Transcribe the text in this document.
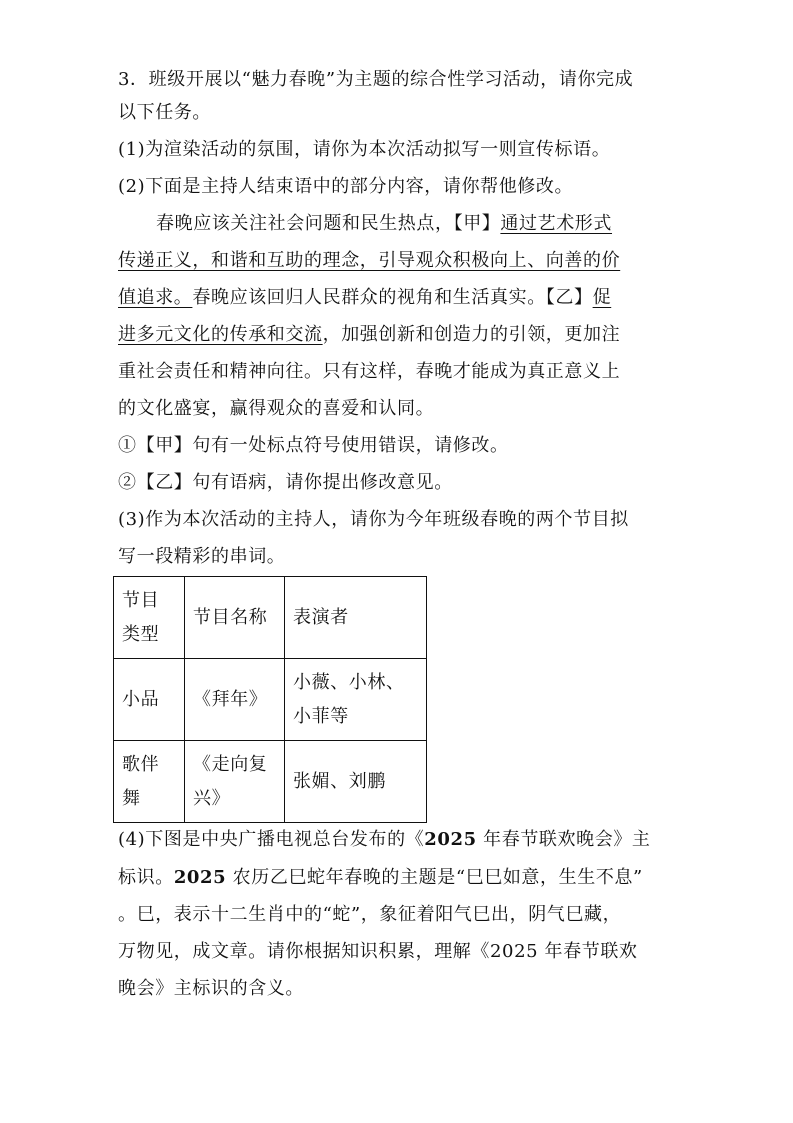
3．班级开展以“魅力春晚”为主题的综合性学习活动，请你完成
以下任务。
(1)为渲染活动的氛围，请你为本次活动拟写一则宣传标语。
(2)下面是主持人结束语中的部分内容，请你帮他修改。
春晚应该关注社会问题和民生热点，【甲】通过艺术形式
传递正义，和谐和互助的理念，引导观众积极向上、向善的价
值追求。春晚应该回归人民群众的视角和生活真实。【乙】促
进多元文化的传承和交流，加强创新和创造力的引领，更加注
重社会责任和精神向往。只有这样，春晚才能成为真正意义上
的文化盛宴，赢得观众的喜爱和认同。
①【甲】句有一处标点符号使用错误，请修改。
②【乙】句有语病，请你提出修改意见。
(3)作为本次活动的主持人，请你为今年班级春晚的两个节目拟
写一段精彩的串词。
节目类型	节目名称	表演者
小品	《拜年》	小薇、小林、小菲等
歌伴舞	《走向复兴》	张媚、刘鹏
(4)下图是中央广播电视总台发布的《2025 年春节联欢晚会》主
标识。2025 农历乙巳蛇年春晚的主题是“巳巳如意，生生不息”
。巳，表示十二生肖中的“蛇”，象征着阳气巳出，阴气巳藏，
万物见，成文章。请你根据知识积累，理解《2025 年春节联欢
晚会》主标识的含义。
